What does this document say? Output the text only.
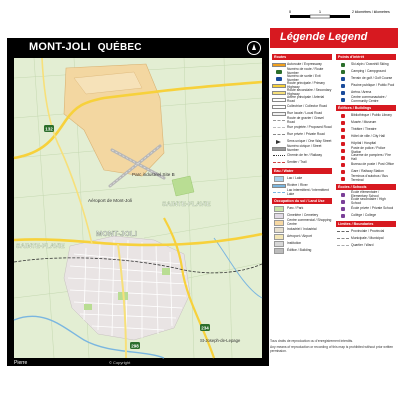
MONT-JOLI QUÉBEC
132
298
234
Parc industriel Site B
Aéroport de Mont-Joli
SAINTE-FLAVIE
SAINTE-FLAVIE
MONT-JOLI
St-Joseph-de-Lepage
Pierre	© Copyright
0	1	2 kilomètres / kilometres
Légende Legend
Routes
Autoroute / Expressway
Numéro de route / Route Number
Numéro de sortie / Exit Number
Route principale / Primary Highway
Route secondaire / Secondary Highway
Artère principale / Arterial Road
Collectrice / Collector Road
Rue locale / Local Road
Route de gravier / Gravel Road
Rue projetée / Proposed Road
Rue privée / Private Road
Sens unique / One Way Street
Numéro civique / Street Number
Chemin de fer / Railway
Sentier / Trail
Eau / Water
Lac / Lake
Rivière / River
Lac intermittent / Intermittent Lake
Occupation du sol / Land Use
Parc / Park
Cimetière / Cemetery
Centre commercial / Shopping Centre
Industriel / Industrial
Aéroport / Airport
Institution
Édifice / Building
Points d'intérêt
Ski alpin / Downhill Skiing
Camping / Campground
Terrain de golf / Golf Course
Piscine publique / Public Pool
Aréna / Arena
Centre communautaire / Community Centre
Édifices / Buildings
Bibliothèque / Public Library
Musée / Museum
Théâtre / Theatre
Hôtel de ville / City Hall
Hôpital / Hospital
Poste de police / Police Station
Caserne de pompiers / Fire Hall
Bureau de poste / Post Office
Gare / Railway Station
Terminus d'autobus / Bus Terminal
Écoles / Schools
École élémentaire / Elementary School
École secondaire / High School
École privée / Private School
Collège / College
Limites / Boundaries
Provinciale / Provincial
Municipale / Municipal
Quartier / Ward

Tous droits de reproduction ou d'enregistrement interdits.

Any means of reproduction or recording of this map is prohibited without prior written permission.
